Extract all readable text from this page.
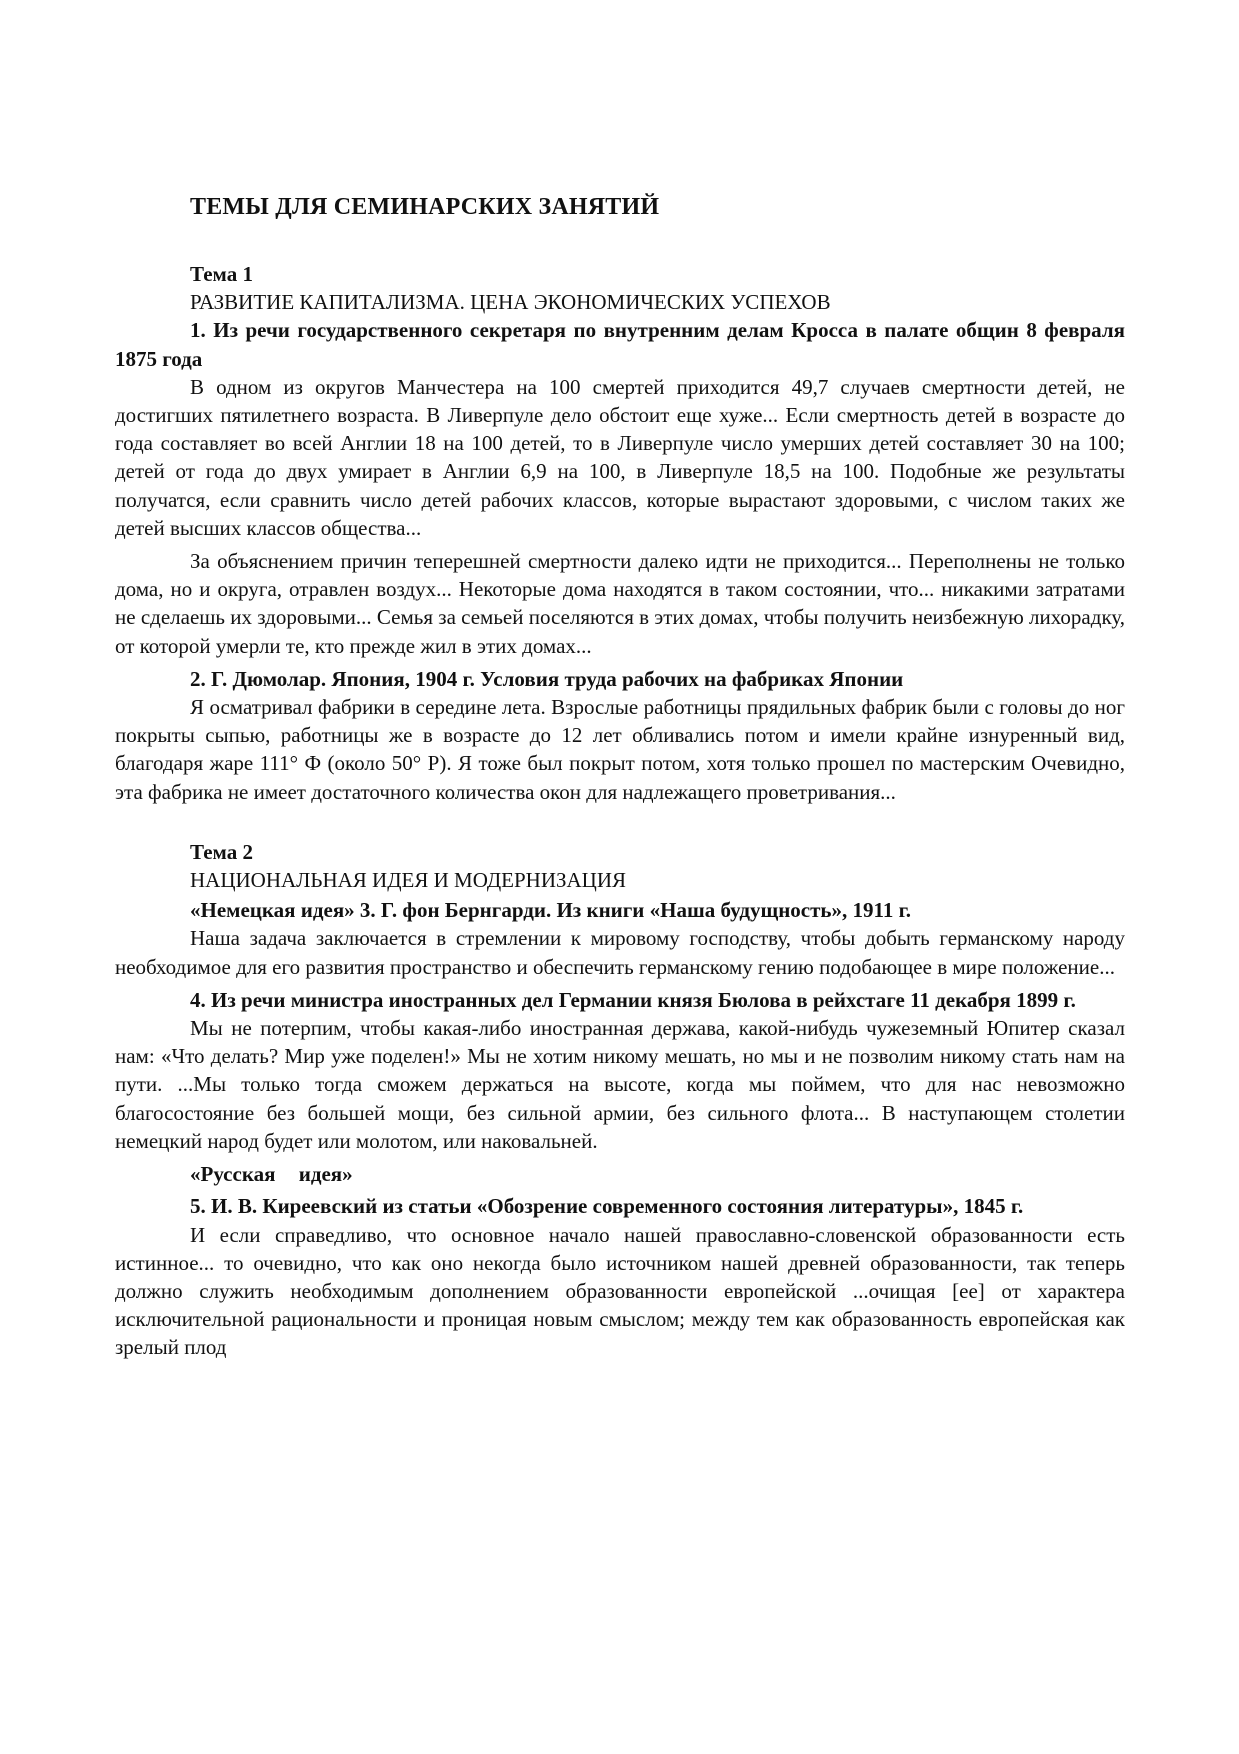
ТЕМЫ ДЛЯ СЕМИНАРСКИХ ЗАНЯТИЙ
Тема 1
РАЗВИТИЕ КАПИТАЛИЗМА. ЦЕНА ЭКОНОМИЧЕСКИХ УСПЕХОВ

1. Из речи государственного секретаря по внутренним делам Кросса в палате общин 8 февраля 1875 года

В одном из округов Манчестера на 100 смертей приходится 49,7 случаев смертности детей, не достигших пятилетнего возраста. В Ливерпуле дело обстоит еще хуже... Если смертность детей в возрасте до года составляет во всей Англии 18 на 100 детей, то в Ливерпуле число умерших детей составляет 30 на 100; детей от года до двух умирает в Англии 6,9 на 100, в Ливерпуле 18,5 на 100. Подобные же результаты получатся, если сравнить число детей рабочих классов, которые вырастают здоровыми, с числом таких же детей высших классов общества...

За объяснением причин теперешней смертности далеко идти не приходится... Переполнены не только дома, но и округа, отравлен воздух... Некоторые дома находятся в таком состоянии, что... никакими затратами не сделаешь их здоровыми... Семья за семьей поселяются в этих домах, чтобы получить неизбежную лихорадку, от которой умерли те, кто прежде жил в этих домах...

2. Г. Дюмолар. Япония, 1904 г. Условия труда рабочих на фабриках Японии

Я осматривал фабрики в середине лета. Взрослые работницы прядильных фабрик были с головы до ног покрыты сыпью, работницы же в возрасте до 12 лет обливались потом и имели крайне изнуренный вид, благодаря жаре 111° Ф (около 50° Р). Я тоже был покрыт потом, хотя только прошел по мастерским Очевидно, эта фабрика не имеет достаточного количества окон для надлежащего проветривания...

Тема 2
НАЦИОНАЛЬНАЯ ИДЕЯ И МОДЕРНИЗАЦИЯ

«Немецкая идея» 3. Г. фон Бернгарди. Из книги «Наша будущность», 1911 г.

Наша задача заключается в стремлении к мировому господству, чтобы добыть германскому народу необходимое для его развития пространство и обеспечить германскому гению подобающее в мире положение...

4. Из речи министра иностранных дел Германии князя Бюлова в рейхстаге 11 декабря 1899 г.

Мы не потерпим, чтобы какая-либо иностранная держава, какой-нибудь чужеземный Юпитер сказал нам: «Что делать? Мир уже поделен!» Мы не хотим никому мешать, но мы и не позволим никому стать нам на пути. ...Мы только тогда сможем держаться на высоте, когда мы поймем, что для нас невозможно благосостояние без большей мощи, без сильной армии, без сильного флота... В наступающем столетии немецкий народ будет или молотом, или наковальней.

«Русская идея»

5. И. В. Киреевский из статьи «Обозрение современного состояния литературы», 1845 г.

И если справедливо, что основное начало нашей православно-словенской образованности есть истинное... то очевидно, что как оно некогда было источником нашей древней образованности, так теперь должно служить необходимым дополнением образованности европейской ...очищая [ее] от характера исключительной рациональности и проницая новым смыслом; между тем как образованность европейская как зрелый плод
